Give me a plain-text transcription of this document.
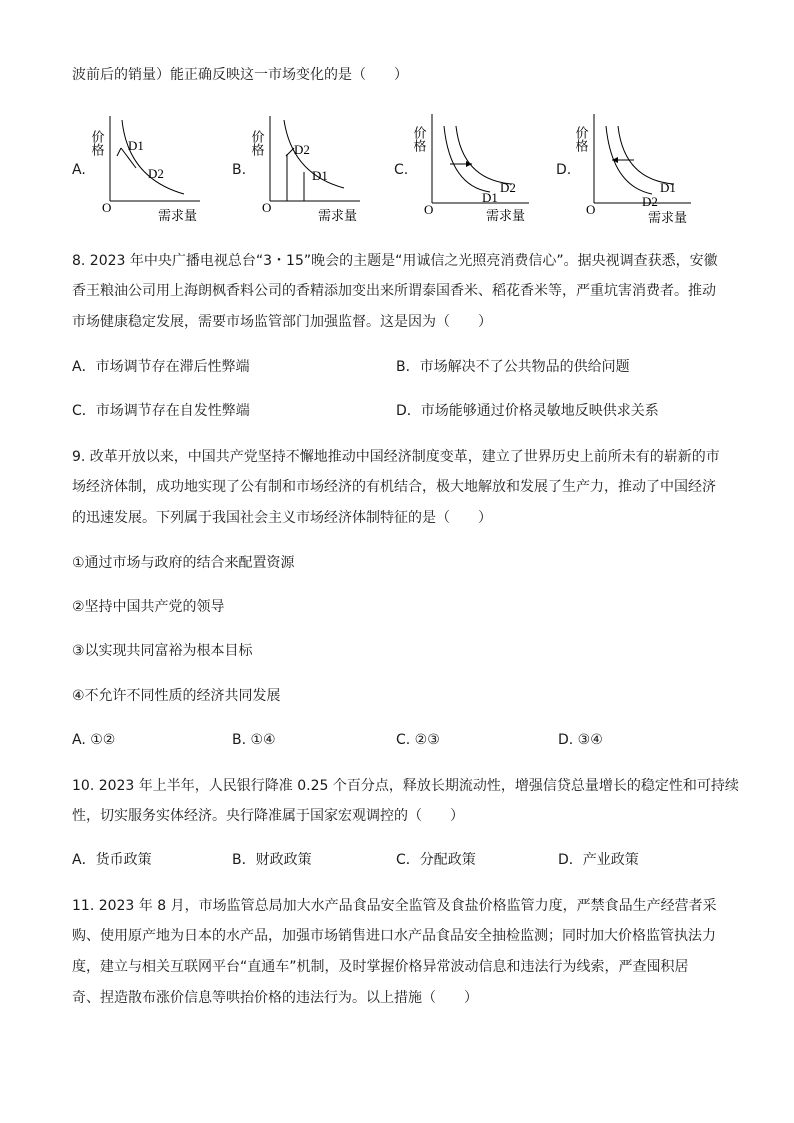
波前后的销量）能正确反映这一市场变化的是（　　）
A.
价格
O
需求量
D1
D2	B.
价格
O
需求量
D2
D1	C.
价格
O	需求量
D1
D2
D.
价格
O
需求量
D2
D1
8. 2023 年中央广播电视总台“3・15”晚会的主题是“用诚信之光照亮消费信心”。据央视调查获悉，安徽
香王粮油公司用上海朗枫香料公司的香精添加变出来所谓泰国香米、稻花香米等，严重坑害消费者。推动
市场健康稳定发展，需要市场监管部门加强监督。这是因为（　　）
A．市场调节存在滞后性弊端	B．市场解决不了公共物品的供给问题
C．市场调节存在自发性弊端	D．市场能够通过价格灵敏地反映供求关系
9. 改革开放以来，中国共产党坚持不懈地推动中国经济制度变革，建立了世界历史上前所未有的崭新的市
场经济体制，成功地实现了公有制和市场经济的有机结合，极大地解放和发展了生产力，推动了中国经济
的迅速发展。下列属于我国社会主义市场经济体制特征的是（　　）
①通过市场与政府的结合来配置资源
②坚持中国共产党的领导
③以实现共同富裕为根本目标
④不允许不同性质的经济共同发展
A. ①②	B. ①④	C. ②③	D. ③④
10. 2023 年上半年，人民银行降准 0.25 个百分点，释放长期流动性，增强信贷总量增长的稳定性和可持续
性，切实服务实体经济。央行降准属于国家宏观调控的（　　）
A．货币政策	B．财政政策	C．分配政策	D．产业政策
11. 2023 年 8 月，市场监管总局加大水产品食品安全监管及食盐价格监管力度，严禁食品生产经营者采
购、使用原产地为日本的水产品，加强市场销售进口水产品食品安全抽检监测；同时加大价格监管执法力
度，建立与相关互联网平台“直通车”机制，及时掌握价格异常波动信息和违法行为线索，严查囤积居
奇、捏造散布涨价信息等哄抬价格的违法行为。以上措施（　　）
